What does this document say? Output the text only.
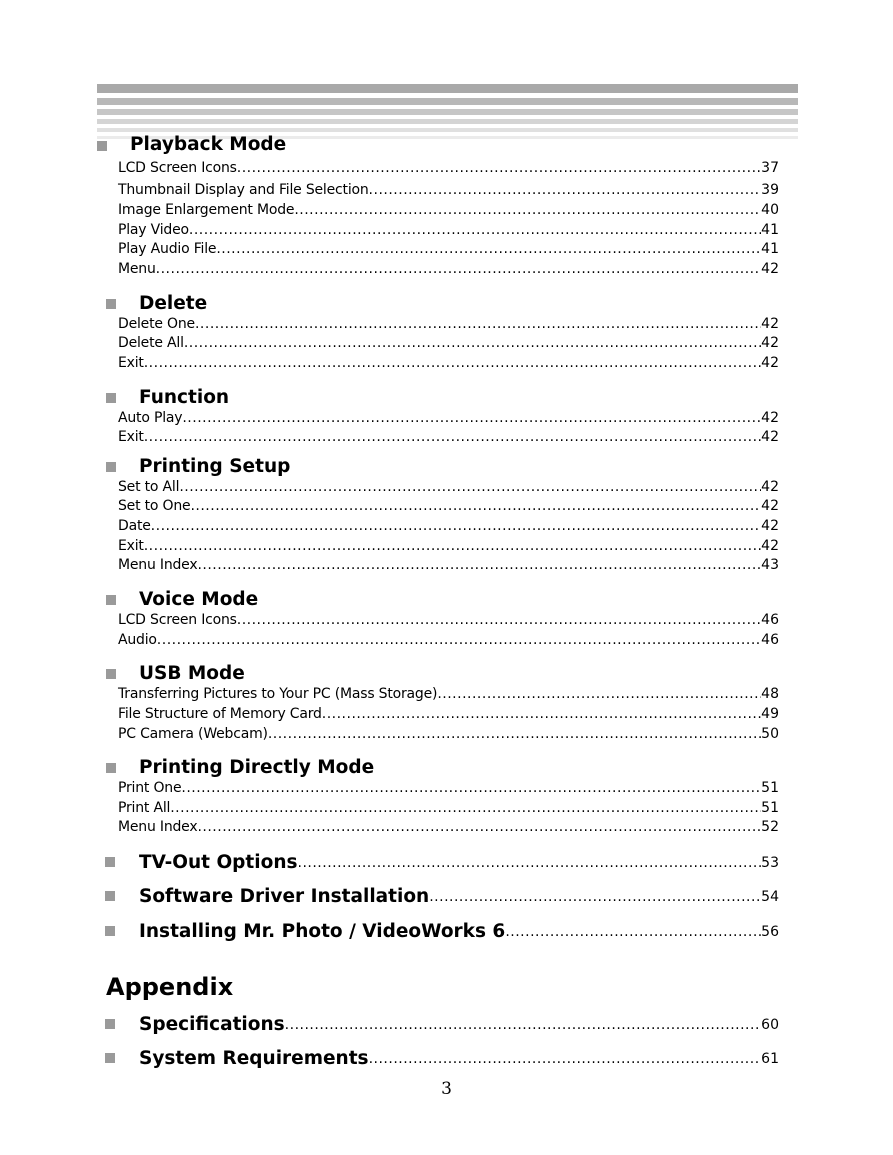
Playback Mode
LCD Screen Icons .....	37
Thumbnail Display and File Selection .....	39
Image Enlargement Mode .....	40
Play Video .....	41
Play Audio File .....	41
Menu .....	42
Delete
Delete One .....	42
Delete All .....	42
Exit .....	42
Function
Auto Play .....	42
Exit .....	42
Printing Setup
Set to All .....	42
Set to One .....	42
Date .....	42
Exit .....	42
Menu Index .....	43
Voice Mode
LCD Screen Icons .....	46
Audio .....	46
USB Mode
Transferring Pictures to Your PC (Mass Storage) .....	48
File Structure of Memory Card .....	49
PC Camera (Webcam) .....	50
Printing Directly Mode
Print One .....	51
Print All .....	51
Menu Index .....	52
TV-Out Options .....	53
Software Driver Installation .....	54
Installing Mr. Photo / VideoWorks 6 .....	56
Appendix
Specifications .....	60
System Requirements .....	61
3
